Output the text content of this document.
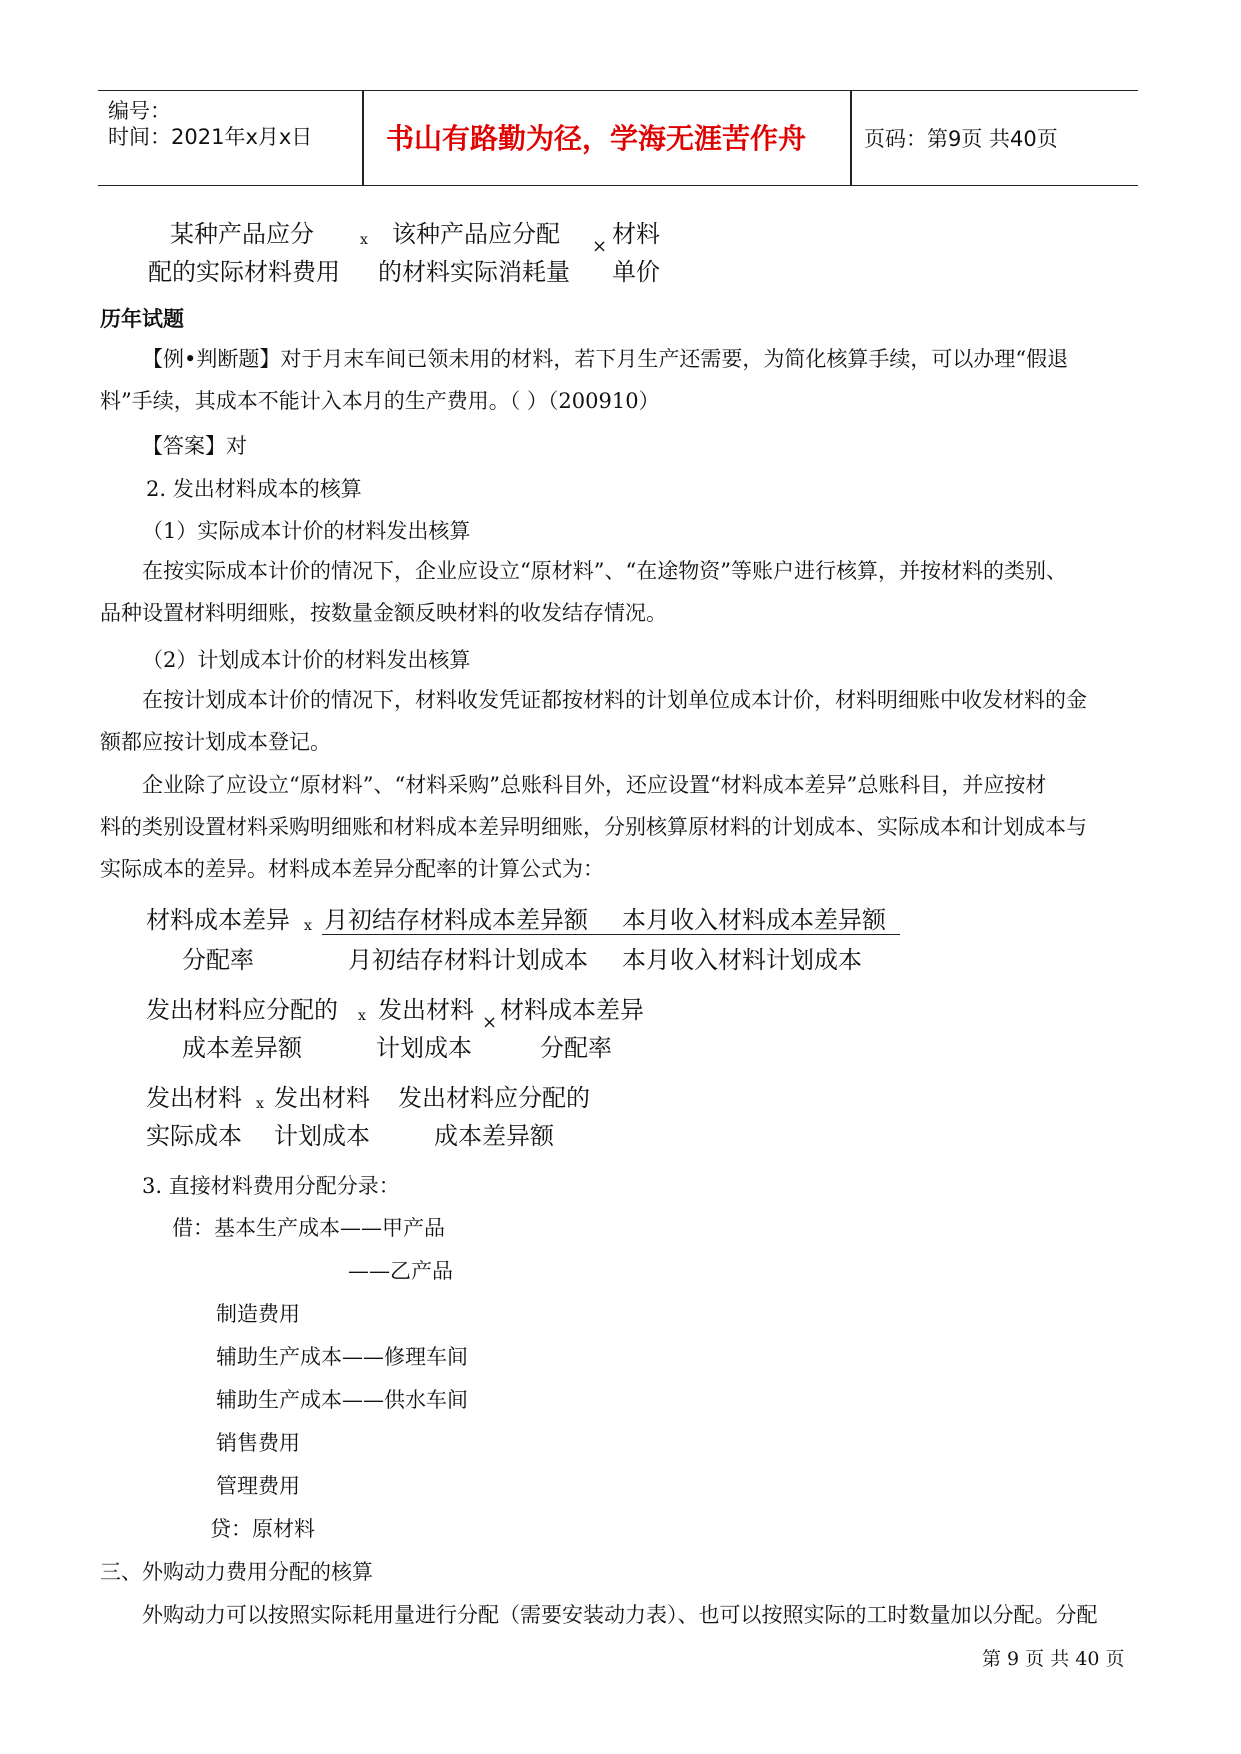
编号：
时间：2021年x月x日	书山有路勤为径，学海无涯苦作舟	页码：第9页 共40页
某种产品应分
配的实际材料费用
x 该种产品应分配
的材料实际消耗量
× 材料
单价
历年试题
【例•判断题】对于月末车间已领未用的材料，若下月生产还需要，为简化核算手续，可以办理“假退
料”手续，其成本不能计入本月的生产费用。（ ）（200910）
【答案】对
2. 发出材料成本的核算
（1）实际成本计价的材料发出核算
在按实际成本计价的情况下，企业应设立“原材料”、“在途物资”等账户进行核算，并按材料的类别、
品种设置材料明细账，按数量金额反映材料的收发结存情况。
（2）计划成本计价的材料发出核算
在按计划成本计价的情况下，材料收发凭证都按材料的计划单位成本计价，材料明细账中收发材料的金
额都应按计划成本登记。
企业除了应设立“原材料”、“材料采购”总账科目外，还应设置“材料成本差异”总账科目，并应按材
料的类别设置材料采购明细账和材料成本差异明细账，分别核算原材料的计划成本、实际成本和计划成本与
实际成本的差异。材料成本差异分配率的计算公式为：
材料成本差异
分配率
x 月初结存材料成本差异额 本月收入材料成本差异额
月初结存材料计划成本 本月收入材料计划成本
发出材料应分配的
成本差异额
x 发出材料
计划成本
× 材料成本差异
分配率
发出材料
实际成本
x 发出材料
计划成本
发出材料应分配的
成本差异额
3. 直接材料费用分配分录：
借：基本生产成本——甲产品
——乙产品
制造费用
辅助生产成本——修理车间
辅助生产成本——供水车间
销售费用
管理费用
贷：原材料
三、外购动力费用分配的核算
外购动力可以按照实际耗用量进行分配（需要安装动力表）、也可以按照实际的工时数量加以分配。分配
第 9 页 共 40 页
